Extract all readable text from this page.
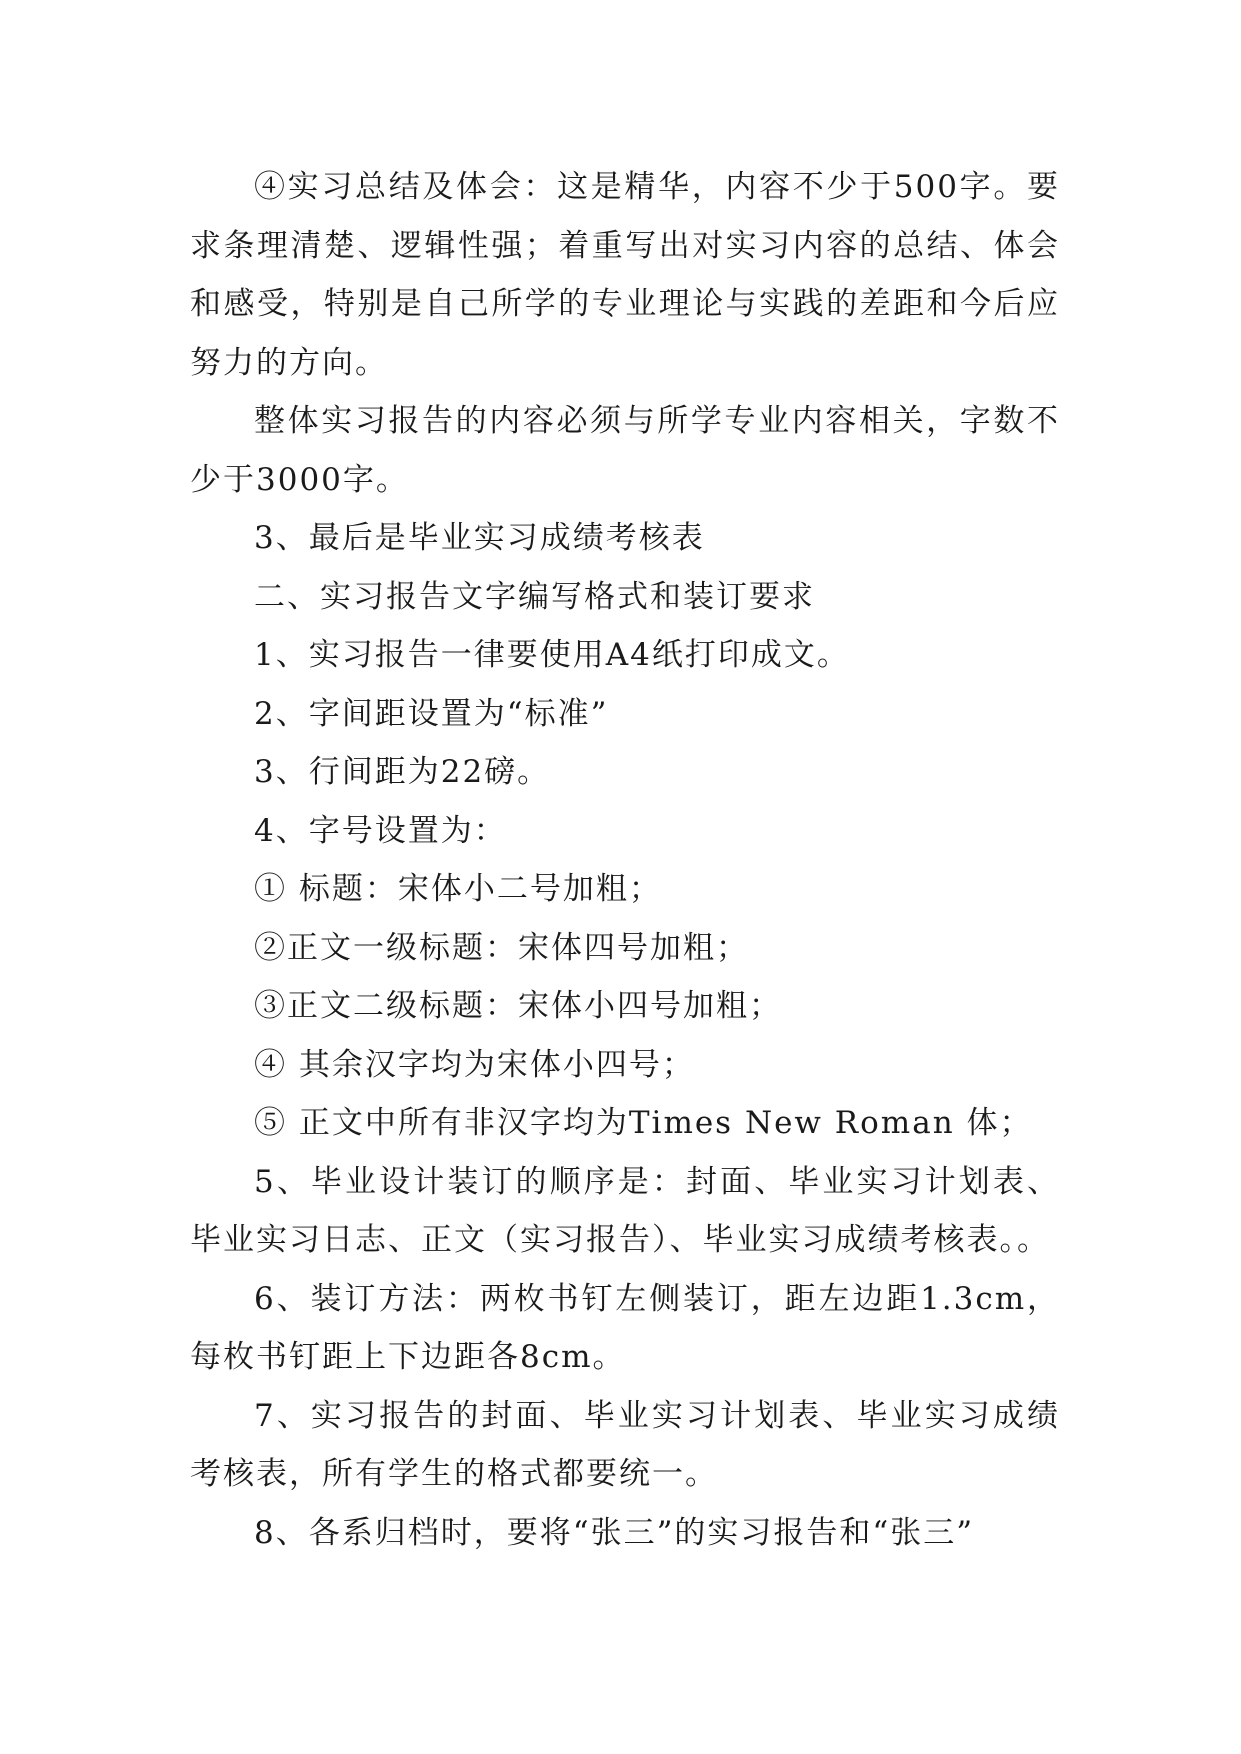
④实习总结及体会：这是精华，内容不少于500字。要求条理清楚、逻辑性强；着重写出对实习内容的总结、体会和感受，特别是自己所学的专业理论与实践的差距和今后应努力的方向。

整体实习报告的内容必须与所学专业内容相关，字数不少于3000字。

3、最后是毕业实习成绩考核表

二、实习报告文字编写格式和装订要求

1、实习报告一律要使用A4纸打印成文。

2、字间距设置为“标准”

3、行间距为22磅。

4、字号设置为：

① 标题：宋体小二号加粗；

②正文一级标题：宋体四号加粗；

③正文二级标题：宋体小四号加粗；

④ 其余汉字均为宋体小四号；

⑤ 正文中所有非汉字均为Times New Roman 体；

5、毕业设计装订的顺序是：封面、毕业实习计划表、毕业实习日志、正文（实习报告）、毕业实习成绩考核表。。

6、装订方法：两枚书钉左侧装订，距左边距1.3cm，每枚书钉距上下边距各8cm。

7、实习报告的封面、毕业实习计划表、毕业实习成绩考核表，所有学生的格式都要统一。

8、各系归档时，要将“张三”的实习报告和“张三”
